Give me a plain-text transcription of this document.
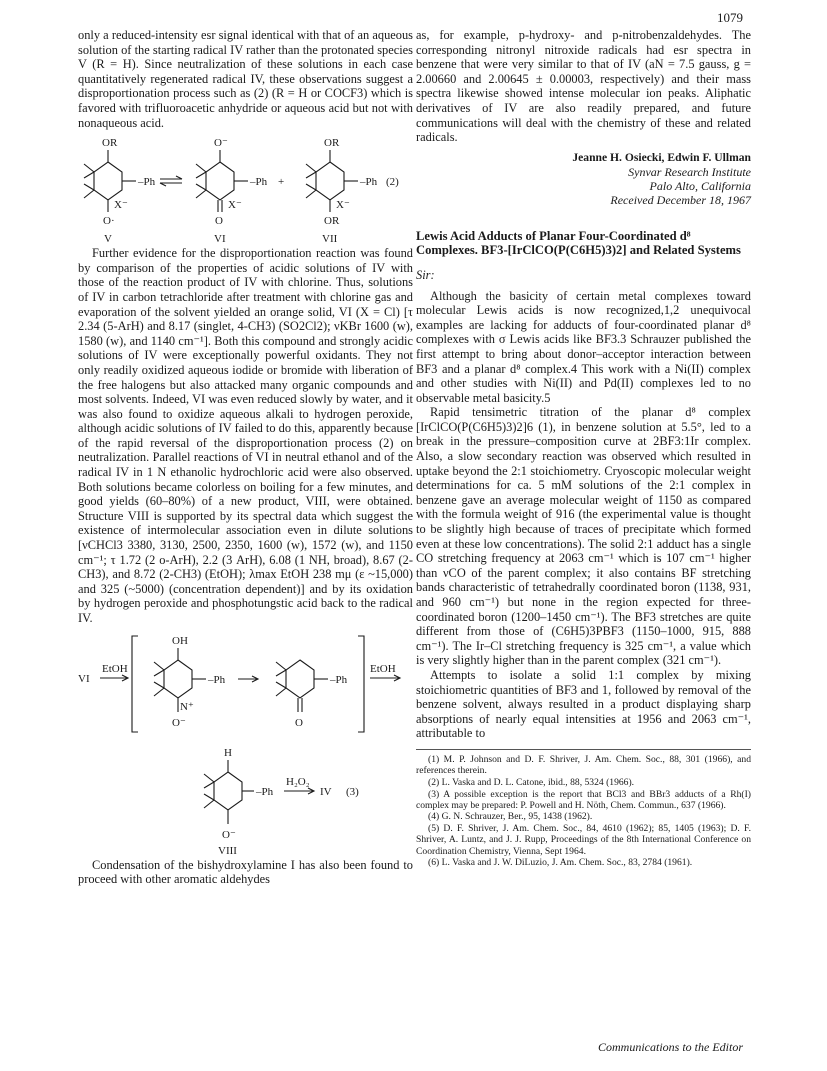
1079

only a reduced-intensity esr signal identical with that of an aqueous solution of the starting radical IV rather than the protonated species V (R = H). Since neutralization of these solutions in each case quantitatively regenerated radical IV, these observations suggest a disproportionation process such as (2) (R = H or COCF3) which is favored with trifluoroacetic anhydride or aqueous acid but not with nonaqueous acid.

OR	O⁻	OR
–Ph	–Ph	–Ph
X⁻	X⁻	X⁻
+	(2)
O·	O	OR
V	VI	VII

Further evidence for the disproportionation reaction was found by comparison of the properties of acidic solutions of IV with those of the reaction product of IV with chlorine. Thus, solutions of IV in carbon tetrachloride after treatment with chlorine gas and evaporation of the solvent yielded an orange solid, VI (X = Cl) [τ 2.34 (5-ArH) and 8.17 (singlet, 4-CH3) (SO2Cl2); νKBr 1600 (w), 1580 (w), and 1140 cm⁻¹]. Both this compound and strongly acidic solutions of IV were exceptionally powerful oxidants. They not only readily oxidized aqueous iodide or bromide with liberation of the free halogens but also attacked many organic compounds and most solvents. Indeed, VI was even reduced slowly by water, and it was also found to oxidize aqueous alkali to hydrogen peroxide, although acidic solutions of IV failed to do this, apparently because of the rapid reversal of the disproportionation process (2) on neutralization. Parallel reactions of VI in neutral ethanol and of the radical IV in 1 N ethanolic hydrochloric acid were also observed. Both solutions became colorless on boiling for a few minutes, and good yields (60–80%) of a new product, VIII, were obtained. Structure VIII is supported by its spectral data which suggest the existence of intermolecular association even in dilute solutions [νCHCl3 3380, 3130, 2500, 2350, 1600 (w), 1572 (w), and 1150 cm⁻¹; τ 1.72 (2 o-ArH), 2.2 (3 ArH), 6.08 (1 NH, broad), 8.67 (2-CH3), and 8.72 (2-CH3) (EtOH); λmax EtOH 238 mμ (ε ~15,000) and 325 (~5000) (concentration dependent)] and by its oxidation by hydrogen peroxide and phosphotungstic acid back to the radical IV.

VI
EtOH
OH
–Ph
N⁺
O⁻
–Ph
O
EtOH
H
–Ph
H₂O₂
IV (3)
O⁻
VIII

Condensation of the bishydroxylamine I has also been found to proceed with other aromatic aldehydes

as, for example, p-hydroxy- and p-nitrobenzaldehydes. The corresponding nitronyl nitroxide radicals had esr spectra in benzene that were very similar to that of IV (aN = 7.5 gauss, g = 2.00660 and 2.00645 ± 0.00003, respectively) and their mass spectra likewise showed intense molecular ion peaks. Aliphatic derivatives of IV are also readily prepared, and future communications will deal with the chemistry of these and related radicals.

Jeanne H. Osiecki, Edwin F. Ullman
Synvar Research Institute
Palo Alto, California
Received December 18, 1967
Lewis Acid Adducts of Planar Four-Coordinated d⁸ Complexes. BF3-[IrClCO(P(C6H5)3)2] and Related Systems
Sir:

Although the basicity of certain metal complexes toward molecular Lewis acids is now recognized,1,2 unequivocal examples are lacking for adducts of four-coordinated planar d⁸ complexes with σ Lewis acids like BF3.3 Schrauzer published the first attempt to bring about donor–acceptor interaction between BF3 and a planar d⁸ complex.4 This work with a Ni(II) complex and other studies with Ni(II) and Pd(II) complexes led to no observable metal basicity.5

Rapid tensimetric titration of the planar d⁸ complex [IrClCO(P(C6H5)3)2]6 (1), in benzene solution at 5.5°, led to a break in the pressure–composition curve at 2BF3:1Ir complex. Also, a slow secondary reaction was observed which resulted in uptake beyond the 2:1 stoichiometry. Cryoscopic molecular weight determinations for ca. 5 mM solutions of the 2:1 complex in benzene gave an average molecular weight of 1150 as compared with the formula weight of 916 (the experimental value is thought to be slightly high because of traces of precipitate which formed even at these low concentrations). The solid 2:1 adduct has a single CO stretching frequency at 2063 cm⁻¹ which is 107 cm⁻¹ higher than νCO of the parent complex; it also contains BF stretching bands characteristic of tetrahedrally coordinated boron (1138, 931, and 960 cm⁻¹) but none in the region expected for three-coordinated boron (1200–1450 cm⁻¹). The BF3 stretches are quite different from those of (C6H5)3PBF3 (1150–1000, 915, 888 cm⁻¹). The Ir–Cl stretching frequency is 325 cm⁻¹, a value which is very slightly higher than in the parent complex (321 cm⁻¹).

Attempts to isolate a solid 1:1 complex by mixing stoichiometric quantities of BF3 and 1, followed by removal of the benzene solvent, always resulted in a product displaying sharp absorptions of nearly equal intensities at 1956 and 2063 cm⁻¹, attributable to

(1) M. P. Johnson and D. F. Shriver, J. Am. Chem. Soc., 88, 301 (1966), and references therein.

(2) L. Vaska and D. L. Catone, ibid., 88, 5324 (1966).

(3) A possible exception is the report that BCl3 and BBr3 adducts of a Rh(I) complex may be prepared: P. Powell and H. Nöth, Chem. Commun., 637 (1966).

(4) G. N. Schrauzer, Ber., 95, 1438 (1962).

(5) D. F. Shriver, J. Am. Chem. Soc., 84, 4610 (1962); 85, 1405 (1963); D. F. Shriver, A. Luntz, and J. J. Rupp, Proceedings of the 8th International Conference on Coordination Chemistry, Vienna, Sept 1964.

(6) L. Vaska and J. W. DiLuzio, J. Am. Chem. Soc., 83, 2784 (1961).

Communications to the Editor
